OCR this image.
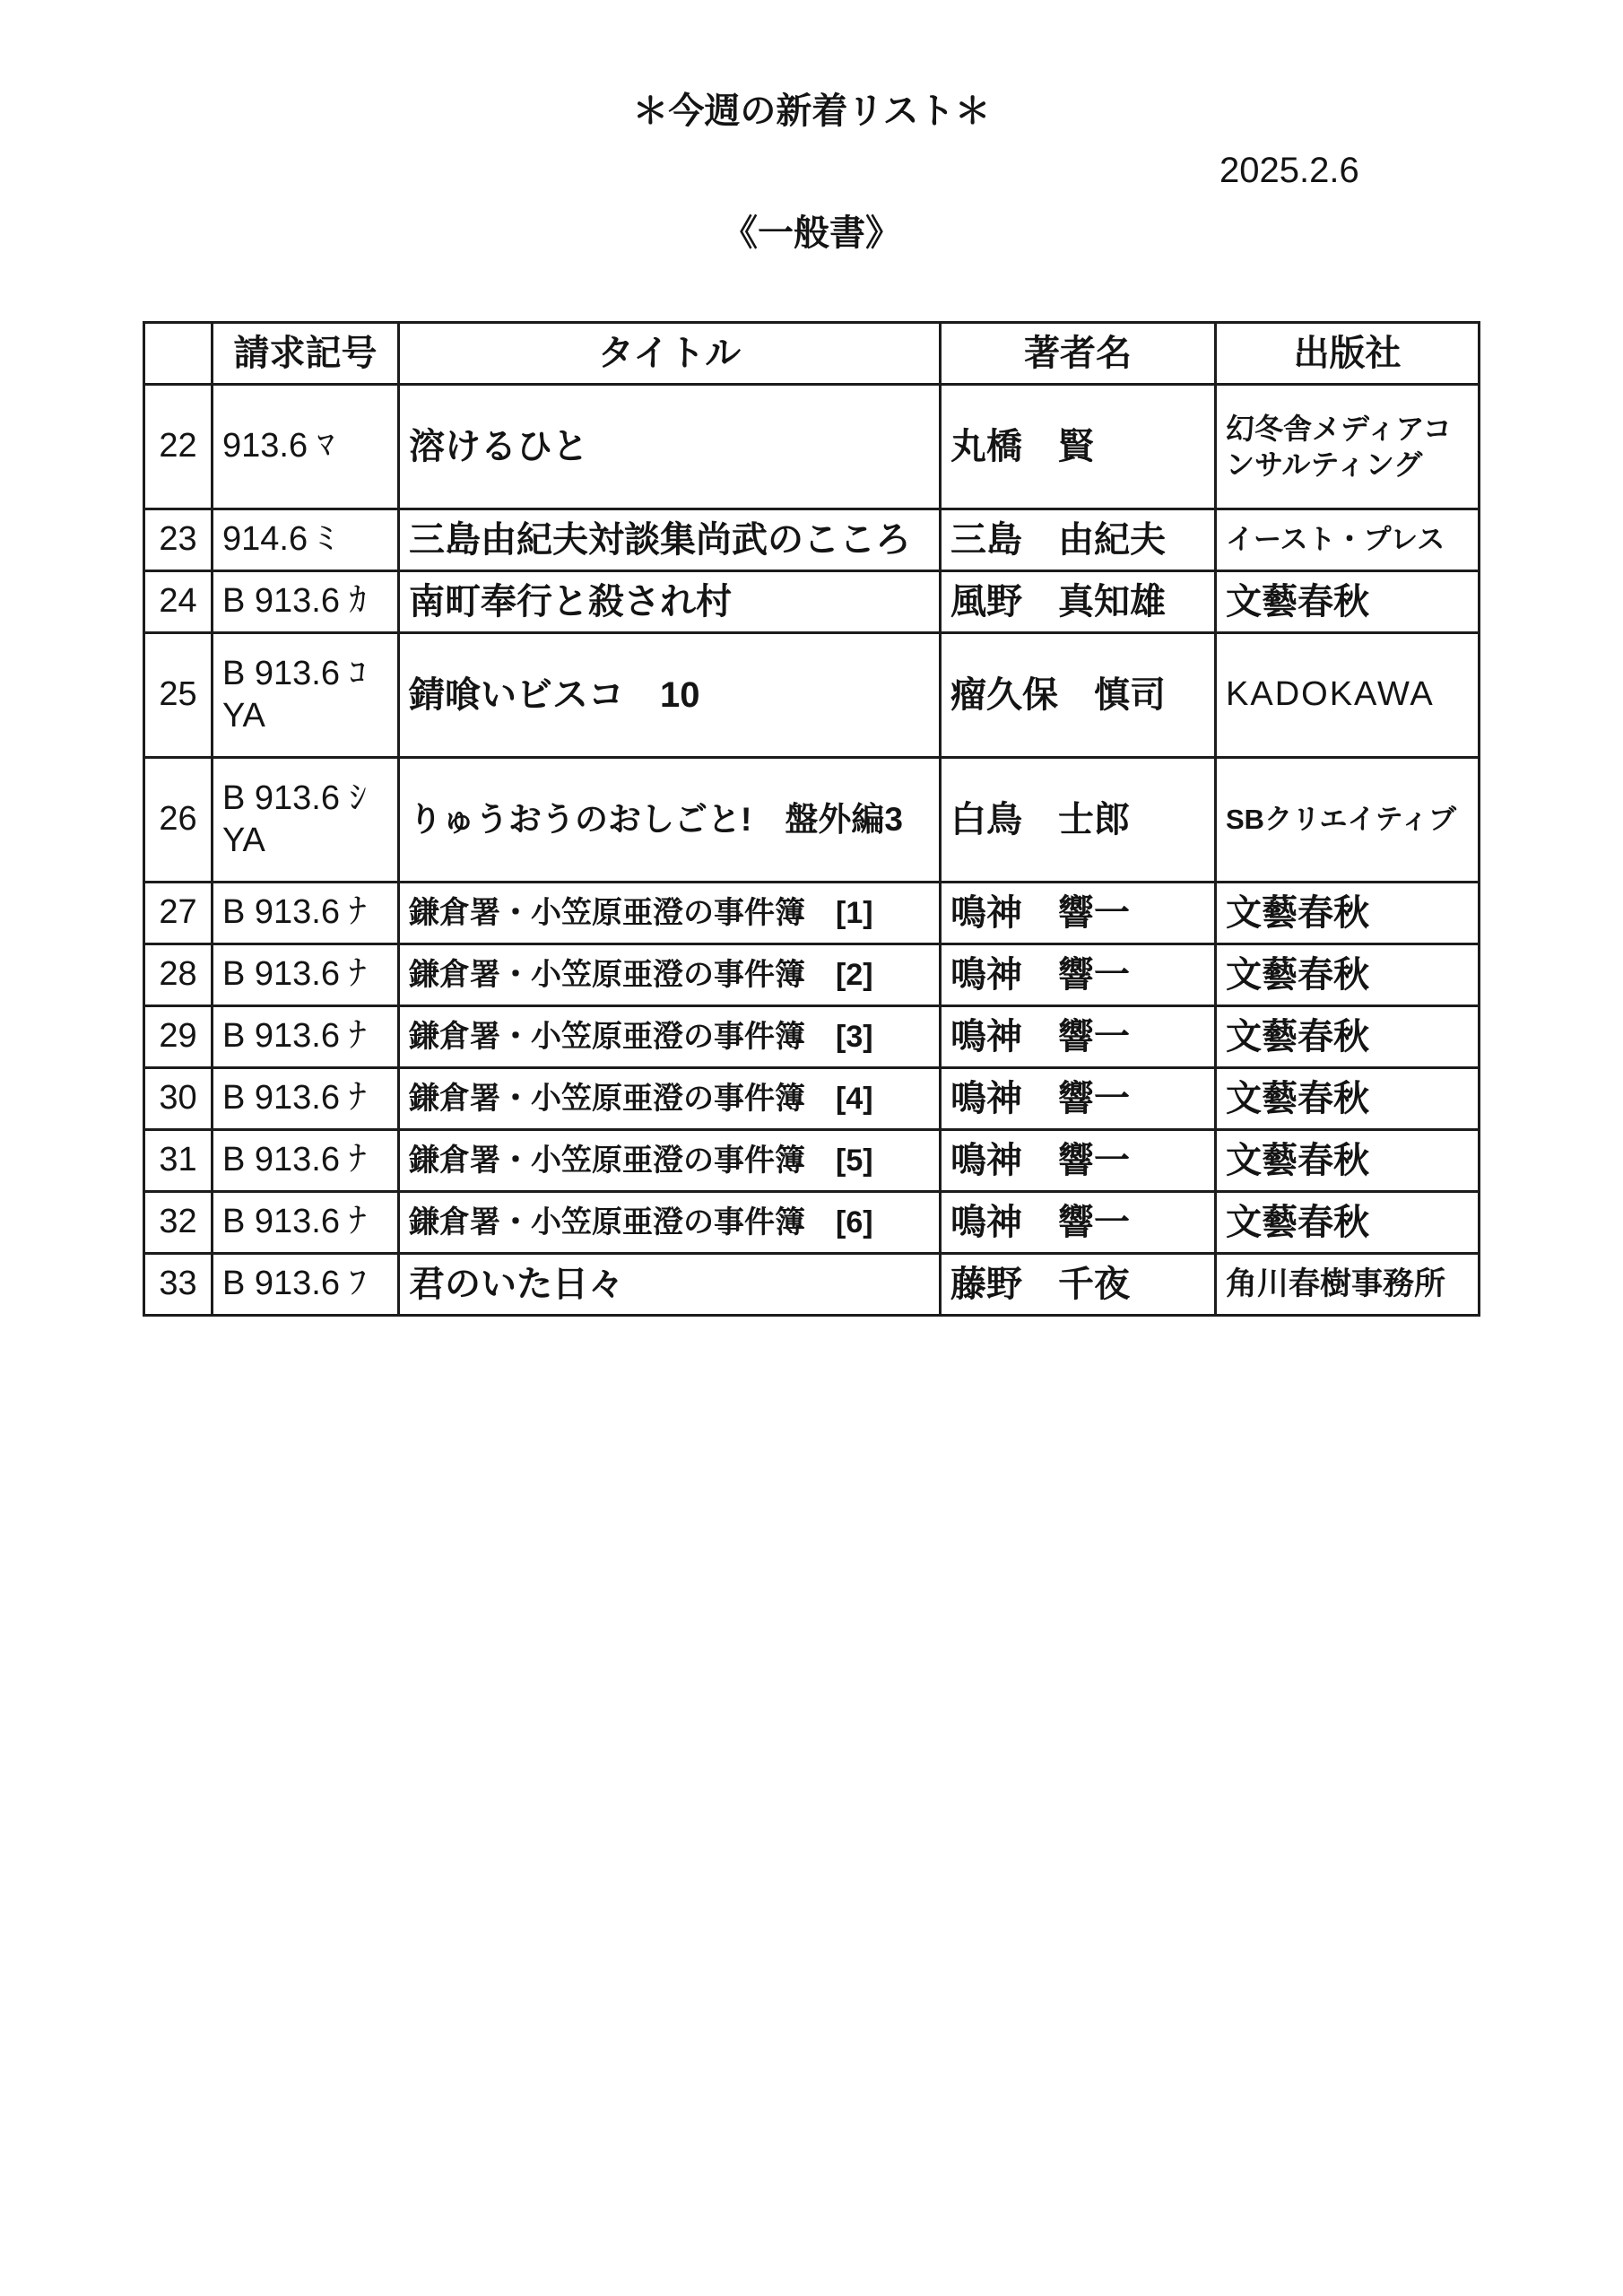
＊今週の新着リスト＊
2025.2.6
《一般書》
	請求記号	タイトル	著者名	出版社
22	913.6 ﾏ	溶けるひと	丸橋　賢	幻冬舎メディアコンサルティング
23	914.6 ﾐ	三島由紀夫対談集尚武のこころ	三島　由紀夫	イースト・プレス
24	B 913.6 ｶ	南町奉行と殺され村	風野　真知雄	文藝春秋
25	B 913.6 ｺ YA	錆喰いビスコ　10	瘤久保　慎司	KADOKAWA
26	B 913.6 ｼ YA	りゅうおうのおしごと!　盤外編3	白鳥　士郎	SBクリエイティブ
27	B 913.6 ﾅ	鎌倉署・小笠原亜澄の事件簿　[1]	鳴神　響一	文藝春秋
28	B 913.6 ﾅ	鎌倉署・小笠原亜澄の事件簿　[2]	鳴神　響一	文藝春秋
29	B 913.6 ﾅ	鎌倉署・小笠原亜澄の事件簿　[3]	鳴神　響一	文藝春秋
30	B 913.6 ﾅ	鎌倉署・小笠原亜澄の事件簿　[4]	鳴神　響一	文藝春秋
31	B 913.6 ﾅ	鎌倉署・小笠原亜澄の事件簿　[5]	鳴神　響一	文藝春秋
32	B 913.6 ﾅ	鎌倉署・小笠原亜澄の事件簿　[6]	鳴神　響一	文藝春秋
33	B 913.6 ﾌ	君のいた日々	藤野　千夜	角川春樹事務所
